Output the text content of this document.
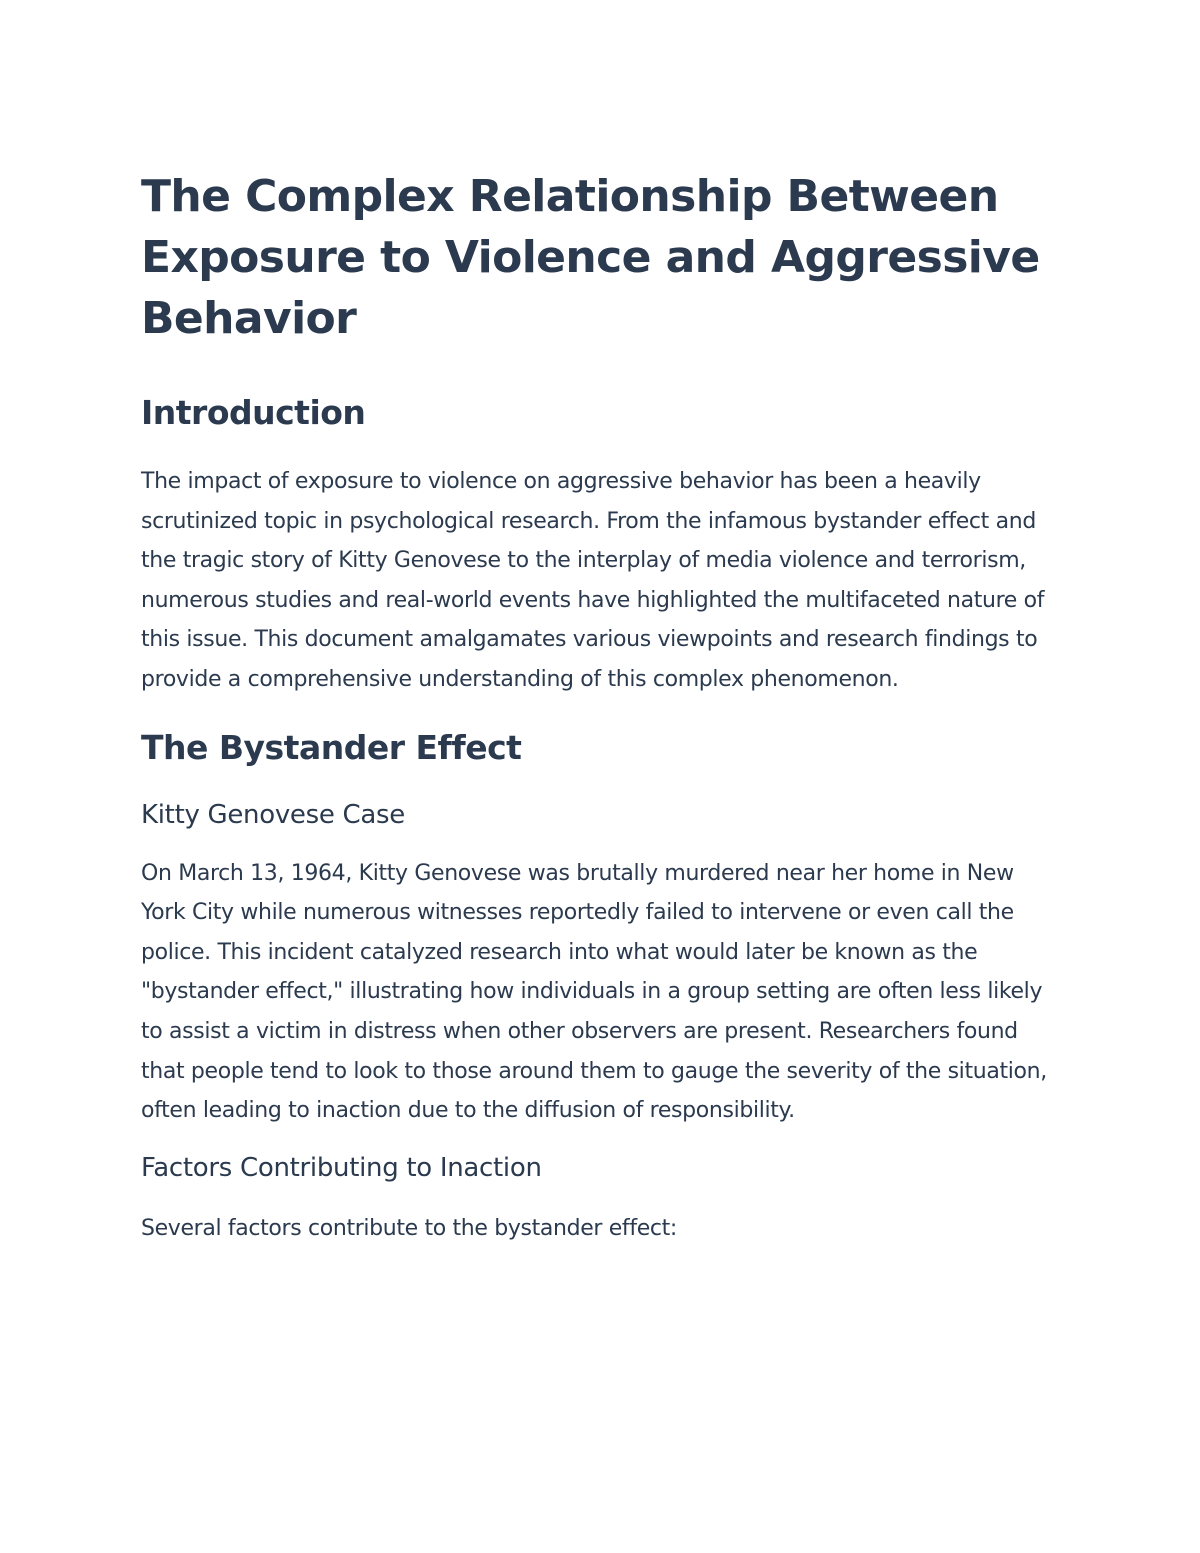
The Complex Relationship Between Exposure to Violence and Aggressive Behavior
Introduction

The impact of exposure to violence on aggressive behavior has been a heavily scrutinized topic in psychological research. From the infamous bystander effect and the tragic story of Kitty Genovese to the interplay of media violence and terrorism, numerous studies and real-world events have highlighted the multifaceted nature of this issue. This document amalgamates various viewpoints and research findings to provide a comprehensive understanding of this complex phenomenon.

The Bystander Effect
Kitty Genovese Case

On March 13, 1964, Kitty Genovese was brutally murdered near her home in New York City while numerous witnesses reportedly failed to intervene or even call the police. This incident catalyzed research into what would later be known as the "bystander effect," illustrating how individuals in a group setting are often less likely to assist a victim in distress when other observers are present. Researchers found that people tend to look to those around them to gauge the severity of the situation, often leading to inaction due to the diffusion of responsibility.

Factors Contributing to Inaction

Several factors contribute to the bystander effect:
